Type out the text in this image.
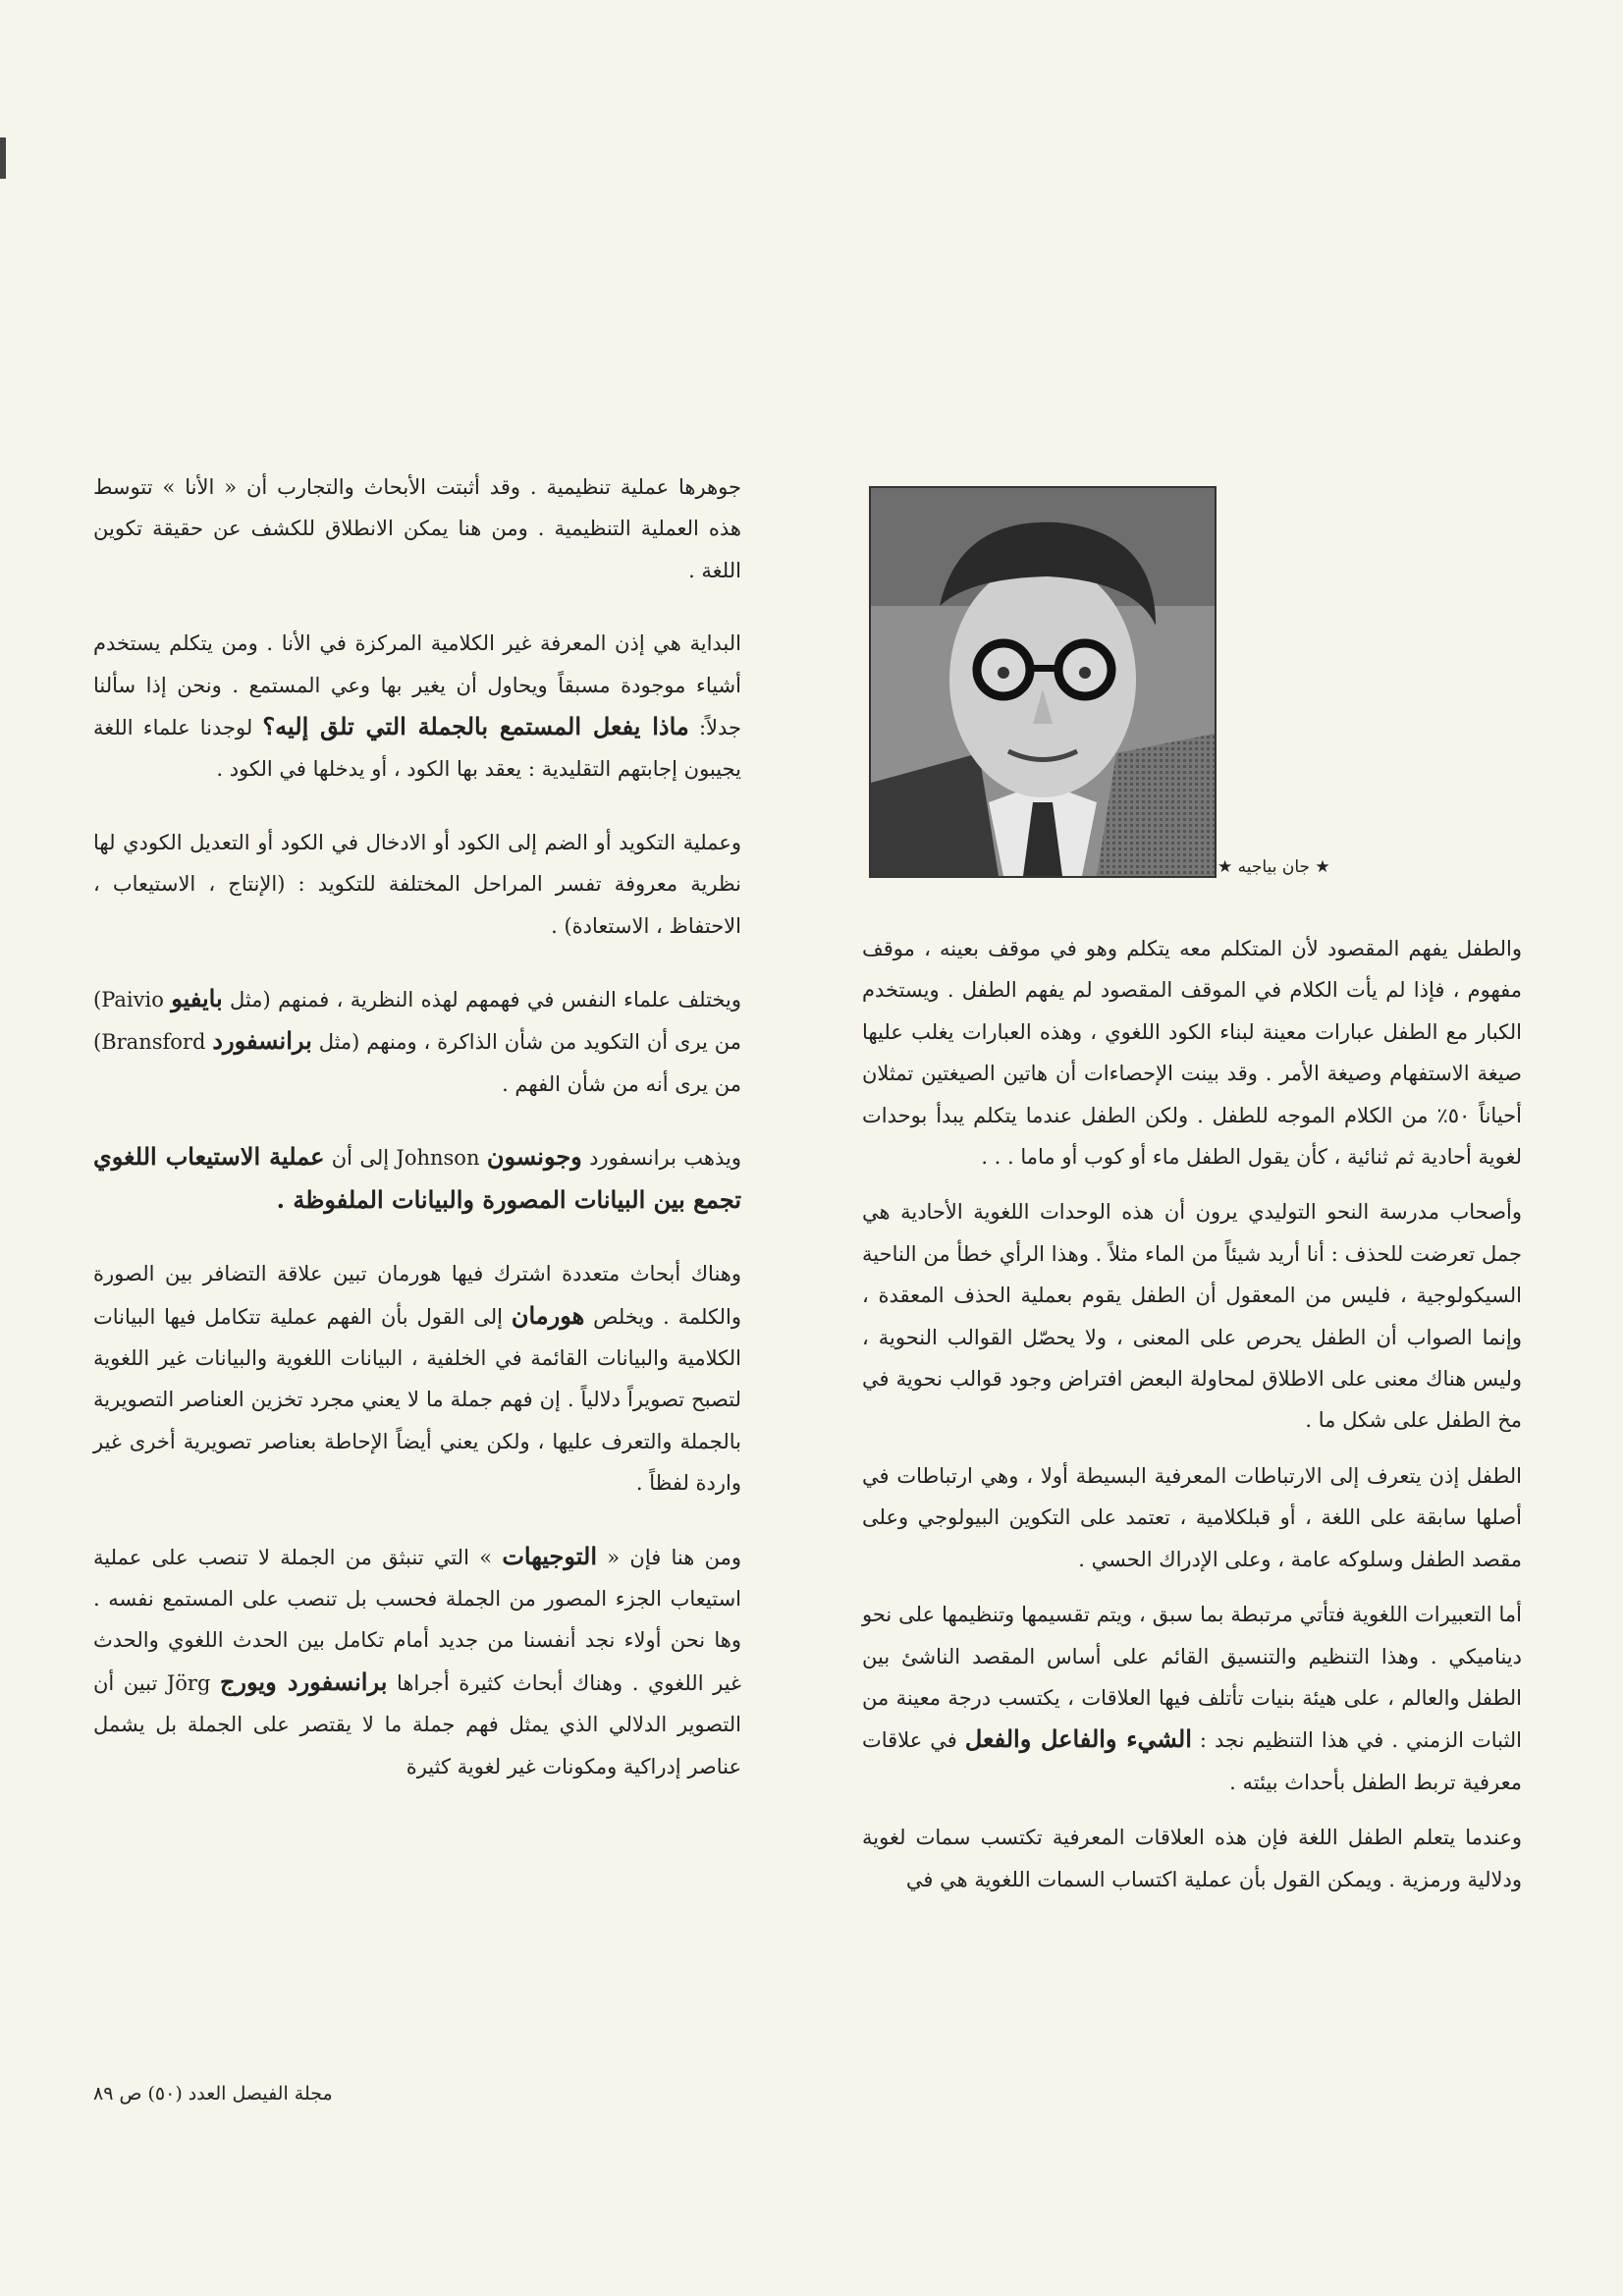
جوهرها عملية تنظيمية . وقد أثبتت الأبحاث والتجارب أن « الأنا » تتوسط هذه العملية التنظيمية . ومن هنا يمكن الانطلاق للكشف عن حقيقة تكوين اللغة .

البداية هي إذن المعرفة غير الكلامية المركزة في الأنا . ومن يتكلم يستخدم أشياء موجودة مسبقاً ويحاول أن يغير بها وعي المستمع . ونحن إذا سألنا جدلاً: ماذا يفعل المستمع بالجملة التي تلق إليه؟ لوجدنا علماء اللغة يجيبون إجابتهم التقليدية : يعقد بها الكود ، أو يدخلها في الكود .

وعملية التكويد أو الضم إلى الكود أو الادخال في الكود أو التعديل الكودي لها نظرية معروفة تفسر المراحل المختلفة للتكويد : (الإنتاج ، الاستيعاب ، الاحتفاظ ، الاستعادة) .

ويختلف علماء النفس في فهمهم لهذه النظرية ، فمنهم (مثل بايفيو Paivio) من يرى أن التكويد من شأن الذاكرة ، ومنهم (مثل برانسفورد Bransford) من يرى أنه من شأن الفهم .

ويذهب برانسفورد وجونسون Johnson إلى أن عملية الاستيعاب اللغوي تجمع بين البيانات المصورة والبيانات الملفوظة .

وهناك أبحاث متعددة اشترك فيها هورمان تبين علاقة التضافر بين الصورة والكلمة . ويخلص هورمان إلى القول بأن الفهم عملية تتكامل فيها البيانات الكلامية والبيانات القائمة في الخلفية ، البيانات اللغوية والبيانات غير اللغوية لتصبح تصويراً دلالياً . إن فهم جملة ما لا يعني مجرد تخزين العناصر التصويرية بالجملة والتعرف عليها ، ولكن يعني أيضاً الإحاطة بعناصر تصويرية أخرى غير واردة لفظاً .

ومن هنا فإن « التوجيهات » التي تنبثق من الجملة لا تنصب على عملية استيعاب الجزء المصور من الجملة فحسب بل تنصب على المستمع نفسه . وها نحن أولاء نجد أنفسنا من جديد أمام تكامل بين الحدث اللغوي والحدث غير اللغوي . وهناك أبحاث كثيرة أجراها برانسفورد ويورج Jörg تبين أن التصوير الدلالي الذي يمثل فهم جملة ما لا يقتصر على الجملة بل يشمل عناصر إدراكية ومكونات غير لغوية كثيرة

★ جان بياجيه ★

والطفل يفهم المقصود لأن المتكلم معه يتكلم وهو في موقف بعينه ، موقف مفهوم ، فإذا لم يأت الكلام في الموقف المقصود لم يفهم الطفل . ويستخدم الكبار مع الطفل عبارات معينة لبناء الكود اللغوي ، وهذه العبارات يغلب عليها صيغة الاستفهام وصيغة الأمر . وقد بينت الإحصاءات أن هاتين الصيغتين تمثلان أحياناً ٥٠٪ من الكلام الموجه للطفل . ولكن الطفل عندما يتكلم يبدأ بوحدات لغوية أحادية ثم ثنائية ، كأن يقول الطفل ماء أو كوب أو ماما . . .

وأصحاب مدرسة النحو التوليدي يرون أن هذه الوحدات اللغوية الأحادية هي جمل تعرضت للحذف : أنا أريد شيئاً من الماء مثلاً . وهذا الرأي خطأ من الناحية السيكولوجية ، فليس من المعقول أن الطفل يقوم بعملية الحذف المعقدة ، وإنما الصواب أن الطفل يحرص على المعنى ، ولا يحصّل القوالب النحوية ، وليس هناك معنى على الاطلاق لمحاولة البعض افتراض وجود قوالب نحوية في مخ الطفل على شكل ما .

الطفل إذن يتعرف إلى الارتباطات المعرفية البسيطة أولا ، وهي ارتباطات في أصلها سابقة على اللغة ، أو قبلكلامية ، تعتمد على التكوين البيولوجي وعلى مقصد الطفل وسلوكه عامة ، وعلى الإدراك الحسي .

أما التعبيرات اللغوية فتأتي مرتبطة بما سبق ، ويتم تقسيمها وتنظيمها على نحو ديناميكي . وهذا التنظيم والتنسيق القائم على أساس المقصد الناشئ بين الطفل والعالم ، على هيئة بنيات تأتلف فيها العلاقات ، يكتسب درجة معينة من الثبات الزمني . في هذا التنظيم نجد : الشيء والفاعل والفعل في علاقات معرفية تربط الطفل بأحداث بيئته .

وعندما يتعلم الطفل اللغة فإن هذه العلاقات المعرفية تكتسب سمات لغوية ودلالية ورمزية . ويمكن القول بأن عملية اكتساب السمات اللغوية هي في

مجلة الفيصل العدد (٥٠) ص ٨٩
